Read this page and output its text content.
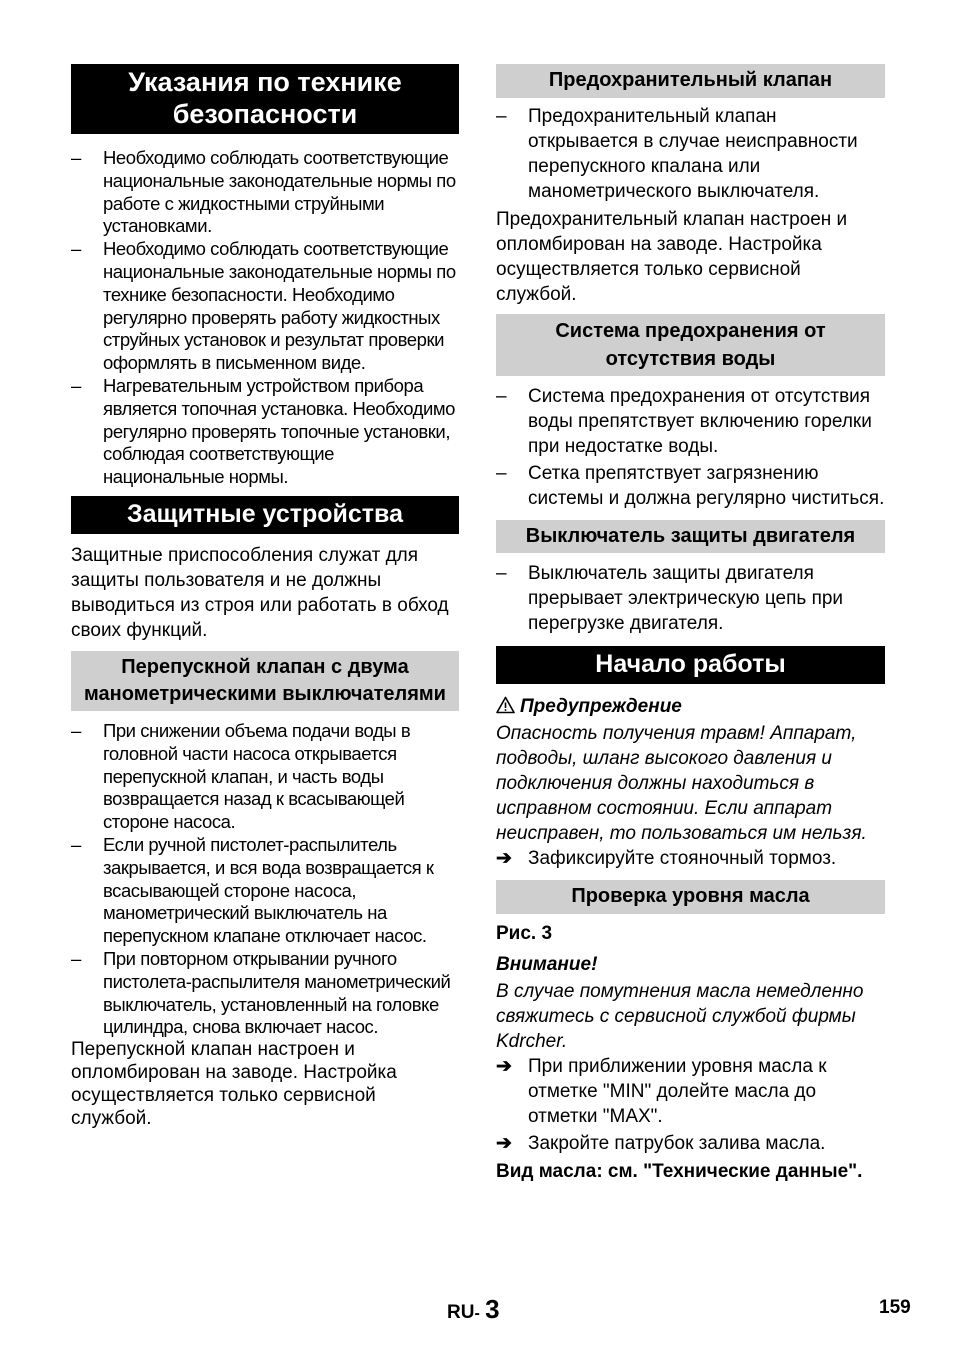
Указания по технике безопасности
– Необходимо соблюдать соответствующие национальные законодательные нормы по работе с жидкостными струйными установками.
– Необходимо соблюдать соответствующие национальные законодательные нормы по технике безопасности. Необходимо регулярно проверять работу жидкостных струйных установок и результат проверки оформлять в письменном виде.
– Нагревательным устройством прибора является топочная установка. Необходимо регулярно проверять топочные установки, соблюдая соответствующие национальные нормы.
Защитные устройства

Защитные приспособления служат для защиты пользователя и не должны выводиться из строя или работать в обход своих функций.

Перепускной клапан с двума манометрическими выключателями
– При снижении объема подачи воды в головной части насоса открывается перепускной клапан, и часть воды возвращается назад к всасывающей стороне насоса.
– Если ручной пистолет-распылитель закрывается, и вся вода возвращается к всасывающей стороне насоса, манометрический выключатель на перепускном клапане отключает насос.
– При повторном открывании ручного пистолета-распылителя манометрический выключатель, установленный на головке цилиндра, снова включает насос.

Перепускной клапан настроен и опломбирован на заводе. Настройка осуществляется только сервисной службой.

Предохранительный клапан
– Предохранительный клапан открывается в случае неисправности перепускного кпалана или манометрического выключателя.

Предохранительный клапан настроен и опломбирован на заводе. Настройка осуществляется только сервисной службой.

Система предохранения от отсутствия воды
– Система предохранения от отсутствия воды препятствует включению горелки при недостатке воды.
– Сетка препятствует загрязнению системы и должна регулярно чиститься.
Выключатель защиты двигателя
– Выключатель защиты двигателя прерывает электрическую цепь при перегрузке двигателя.
Начало работы
Предупреждение

Опасность получения травм! Аппарат, подводы, шланг высокого давления и подключения должны находиться в исправном состоянии. Если аппарат неисправен, то пользоваться им нельзя.

➔ Зафиксируйте стояночный тормоз.
Проверка уровня масла

Рис. 3

Внимание!

В случае помутнения масла немедленно свяжитесь с сервисной службой фирмы Kdrcher.

➔ При приближении уровня масла к отметке "MIN" долейте масла до отметки "MAX".
➔ Закройте патрубок залива масла.

Вид масла: см. "Технические данные".

RU- 3	159
